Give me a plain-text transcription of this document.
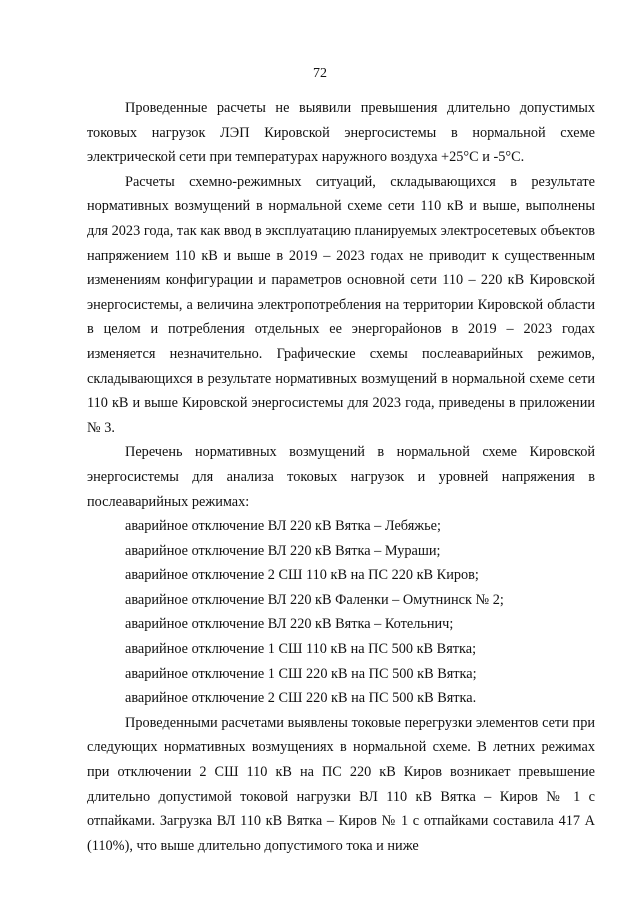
72

Проведенные расчеты не выявили превышения длительно допустимых токовых нагрузок ЛЭП Кировской энергосистемы в нормальной схеме электрической сети при температурах наружного воздуха +25°С и -5°С.

Расчеты схемно-режимных ситуаций, складывающихся в результате нормативных возмущений в нормальной схеме сети 110 кВ и выше, выполнены для 2023 года, так как ввод в эксплуатацию планируемых электросетевых объектов напряжением 110 кВ и выше в 2019 – 2023 годах не приводит к существенным изменениям конфигурации и параметров основной сети 110 – 220 кВ Кировской энергосистемы, а величина электропотребления на территории Кировской области в целом и потребления отдельных ее энергорайонов в 2019 – 2023 годах изменяется незначительно. Графические схемы послеаварийных режимов, складывающихся в результате нормативных возмущений в нормальной схеме сети 110 кВ и выше Кировской энергосистемы для 2023 года, приведены в приложении № 3.

Перечень нормативных возмущений в нормальной схеме Кировской энергосистемы для анализа токовых нагрузок и уровней напряжения в послеаварийных режимах:

аварийное отключение ВЛ 220 кВ Вятка – Лебяжье;
аварийное отключение ВЛ 220 кВ Вятка – Мураши;
аварийное отключение 2 СШ 110 кВ на ПС 220 кВ Киров;
аварийное отключение ВЛ 220 кВ Фаленки – Омутнинск № 2;
аварийное отключение ВЛ 220 кВ Вятка – Котельнич;
аварийное отключение 1 СШ 110 кВ на ПС 500 кВ Вятка;
аварийное отключение 1 СШ 220 кВ на ПС 500 кВ Вятка;
аварийное отключение 2 СШ 220 кВ на ПС 500 кВ Вятка.

Проведенными расчетами выявлены токовые перегрузки элементов сети при следующих нормативных возмущениях в нормальной схеме. В летних режимах при отключении 2 СШ 110 кВ на ПС 220 кВ Киров возникает превышение длительно допустимой токовой нагрузки ВЛ 110 кВ Вятка – Киров № 1 с отпайками. Загрузка ВЛ 110 кВ Вятка – Киров № 1 с отпайками составила 417 А (110%), что выше длительно допустимого тока и ниже
